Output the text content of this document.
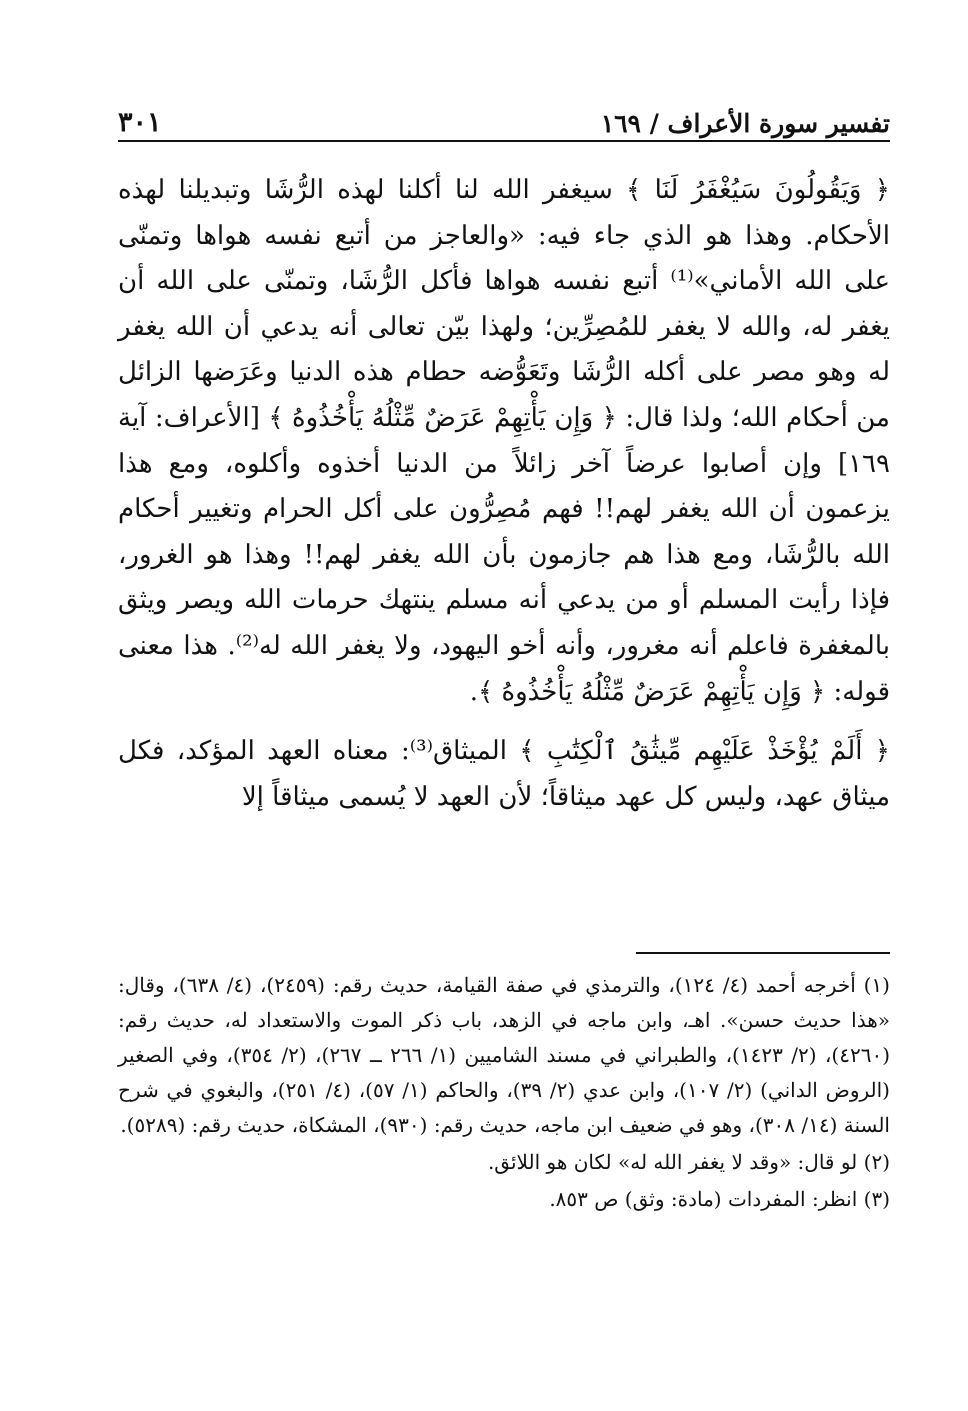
تفسير سورة الأعراف / ١٦٩
٣٠١

﴿ وَيَقُولُونَ سَيُغْفَرُ لَنَا ﴾ سيغفر الله لنا أكلنا لهذه الرُّشَا وتبديلنا لهذه الأحكام. وهذا هو الذي جاء فيه: «والعاجز من أتبع نفسه هواها وتمنّى على الله الأماني»⁽¹⁾ أتبع نفسه هواها فأكل الرُّشَا، وتمنّى على الله أن يغفر له، والله لا يغفر للمُصِرِّين؛ ولهذا بيّن تعالى أنه يدعي أن الله يغفر له وهو مصر على أكله الرُّشَا وتَعَوُّضه حطام هذه الدنيا وعَرَضها الزائل من أحكام الله؛ ولذا قال: ﴿ وَإِن يَأْتِهِمْ عَرَضٌ مِّثْلُهُ يَأْخُذُوهُ ﴾ [الأعراف: آية ١٦٩] وإن أصابوا عرضاً آخر زائلاً من الدنيا أخذوه وأكلوه، ومع هذا يزعمون أن الله يغفر لهم!! فهم مُصِرُّون على أكل الحرام وتغيير أحكام الله بالرُّشَا، ومع هذا هم جازمون بأن الله يغفر لهم!! وهذا هو الغرور، فإذا رأيت المسلم أو من يدعي أنه مسلم ينتهك حرمات الله ويصر ويثق بالمغفرة فاعلم أنه مغرور، وأنه أخو اليهود، ولا يغفر الله له⁽²⁾. هذا معنى قوله: ﴿ وَإِن يَأْتِهِمْ عَرَضٌ مِّثْلُهُ يَأْخُذُوهُ ﴾.

﴿ أَلَمْ يُؤْخَذْ عَلَيْهِم مِّيثَٰقُ ٱلْكِتَٰبِ ﴾ الميثاق⁽³⁾: معناه العهد المؤكد، فكل ميثاق عهد، وليس كل عهد ميثاقاً؛ لأن العهد لا يُسمى ميثاقاً إلا

(١) أخرجه أحمد (٤/ ١٢٤)، والترمذي في صفة القيامة، حديث رقم: (٢٤٥٩)، (٤/ ٦٣٨)، وقال: «هذا حديث حسن». اهـ، وابن ماجه في الزهد، باب ذكر الموت والاستعداد له، حديث رقم: (٤٢٦٠)، (٢/ ١٤٢٣)، والطبراني في مسند الشاميين (١/ ٢٦٦ ــ ٢٦٧)، (٢/ ٣٥٤)، وفي الصغير (الروض الداني) (٢/ ١٠٧)، وابن عدي (٢/ ٣٩)، والحاكم (١/ ٥٧)، (٤/ ٢٥١)، والبغوي في شرح السنة (١٤/ ٣٠٨)، وهو في ضعيف ابن ماجه، حديث رقم: (٩٣٠)، المشكاة، حديث رقم: (٥٢٨٩).

(٢) لو قال: «وقد لا يغفر الله له» لكان هو اللائق.

(٣) انظر: المفردات (مادة: وثق) ص ٨٥٣.
